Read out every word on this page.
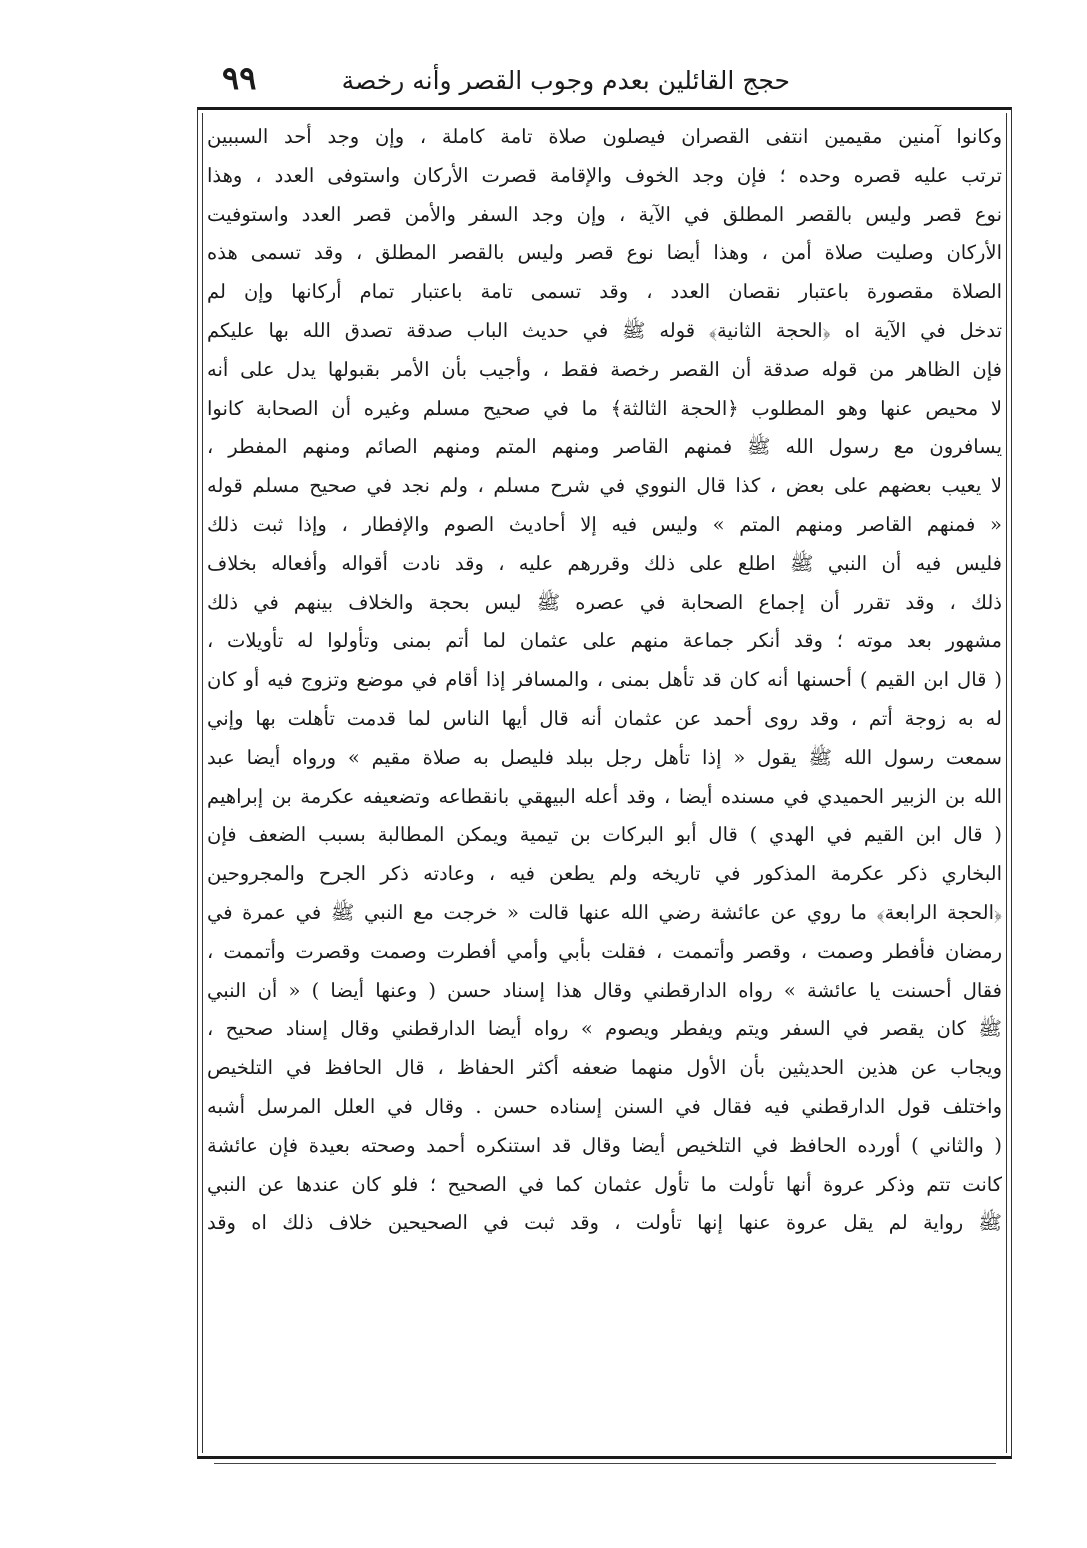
٩٩	حجج القائلين بعدم وجوب القصر وأنه رخصة
وكانوا آمنين مقيمين انتفى القصران فيصلون صلاة تامة كاملة ، وإن وجد أحد السببين
ترتب عليه قصره وحده ؛ فإن وجد الخوف والإقامة قصرت الأركان واستوفى العدد ، وهذا
نوع قصر وليس بالقصر المطلق في الآية ، وإن وجد السفر والأمن قصر العدد واستوفيت
الأركان وصليت صلاة أمن ، وهذا أيضا نوع قصر وليس بالقصر المطلق ، وقد تسمى هذه
الصلاة مقصورة باعتبار نقصان العدد ، وقد تسمى تامة باعتبار تمام أركانها وإن لم
تدخل في الآية اه ﴿الحجة الثانية﴾ قوله ﷺ في حديث الباب صدقة تصدق الله بها عليكم
فإن الظاهر من قوله صدقة أن القصر رخصة فقط ، وأجيب بأن الأمر بقبولها يدل على أنه
لا محيص عنها وهو المطلوب ﴿الحجة الثالثة﴾ ما في صحيح مسلم وغيره أن الصحابة كانوا
يسافرون مع رسول الله ﷺ فمنهم القاصر ومنهم المتم ومنهم الصائم ومنهم المفطر ،
لا يعيب بعضهم على بعض ، كذا قال النووي في شرح مسلم ، ولم نجد في صحيح مسلم قوله
« فمنهم القاصر ومنهم المتم » وليس فيه إلا أحاديث الصوم والإفطار ، وإذا ثبت ذلك
فليس فيه أن النبي ﷺ اطلع على ذلك وقررهم عليه ، وقد نادت أقواله وأفعاله بخلاف
ذلك ، وقد تقرر أن إجماع الصحابة في عصره ﷺ ليس بحجة والخلاف بينهم في ذلك
مشهور بعد موته ؛ وقد أنكر جماعة منهم على عثمان لما أتم بمنى وتأولوا له تأويلات ،
( قال ابن القيم ) أحسنها أنه كان قد تأهل بمنى ، والمسافر إذا أقام في موضع وتزوج فيه أو كان
له به زوجة أتم ، وقد روى أحمد عن عثمان أنه قال أيها الناس لما قدمت تأهلت بها وإني
سمعت رسول الله ﷺ يقول « إذا تأهل رجل ببلد فليصل به صلاة مقيم » ورواه أيضا عبد
الله بن الزبير الحميدي في مسنده أيضا ، وقد أعله البيهقي بانقطاعه وتضعيفه عكرمة بن إبراهيم
( قال ابن القيم في الهدي ) قال أبو البركات بن تيمية ويمكن المطالبة بسبب الضعف فإن
البخاري ذكر عكرمة المذكور في تاريخه ولم يطعن فيه ، وعادته ذكر الجرح والمجروحين
﴿الحجة الرابعة﴾ ما روي عن عائشة رضي الله عنها قالت « خرجت مع النبي ﷺ في عمرة في
رمضان فأفطر وصمت ، وقصر وأتممت ، فقلت بأبي وأمي أفطرت وصمت وقصرت وأتممت ،
فقال أحسنت يا عائشة » رواه الدارقطني وقال هذا إسناد حسن ( وعنها أيضا ) « أن النبي
ﷺ كان يقصر في السفر ويتم ويفطر ويصوم » رواه أيضا الدارقطني وقال إسناد صحيح ،
ويجاب عن هذين الحديثين بأن الأول منهما ضعفه أكثر الحفاظ ، قال الحافظ في التلخيص
واختلف قول الدارقطني فيه فقال في السنن إسناده حسن . وقال في العلل المرسل أشبه
( والثاني ) أورده الحافظ في التلخيص أيضا وقال قد استنكره أحمد وصحته بعيدة فإن عائشة
كانت تتم وذكر عروة أنها تأولت ما تأول عثمان كما في الصحيح ؛ فلو كان عندها عن النبي
ﷺ رواية لم يقل عروة عنها إنها تأولت ، وقد ثبت في الصحيحين خلاف ذلك اه وقد
